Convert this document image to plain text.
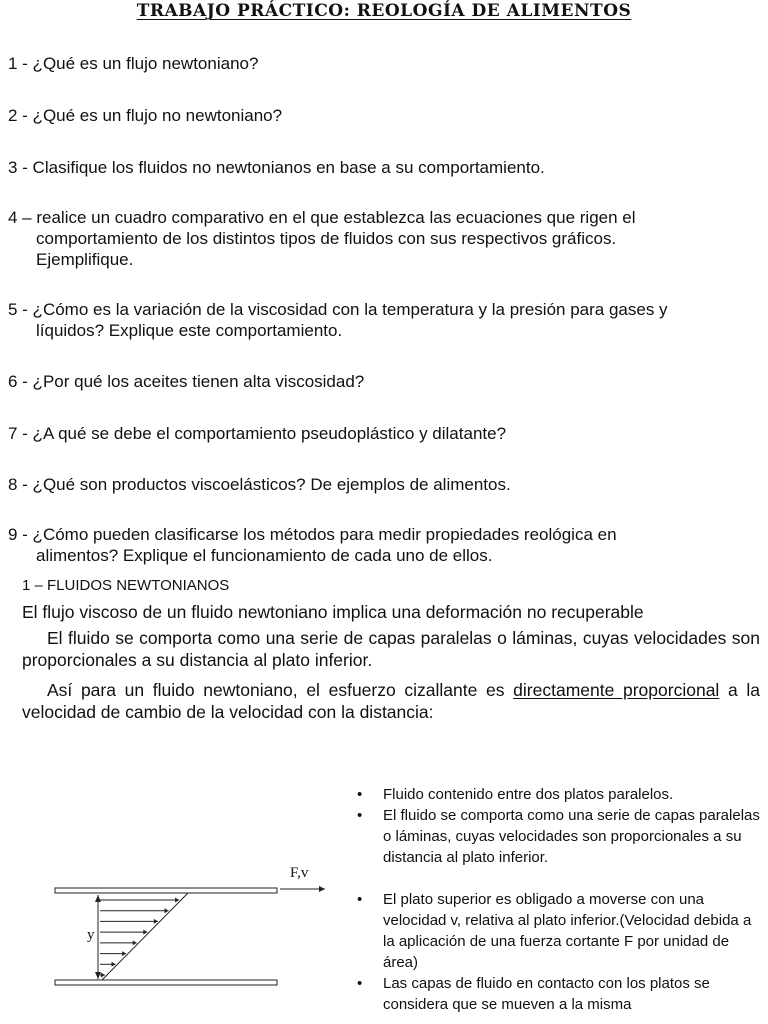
TRABAJO PRÁCTICO: REOLOGÍA DE ALIMENTOS
1 - ¿Qué es un flujo newtoniano?
2 - ¿Qué es un flujo no newtoniano?
3 - Clasifique los fluidos no newtonianos en base a su comportamiento.
4 – realice un cuadro comparativo en el que establezca las ecuaciones que rigen el
comportamiento de los distintos tipos de fluidos con sus respectivos gráficos.
Ejemplifique.
5 - ¿Cómo es la variación de la viscosidad con la temperatura y la presión para gases y
líquidos? Explique este comportamiento.
6 - ¿Por qué los aceites tienen alta viscosidad?
7 - ¿A qué se debe el comportamiento pseudoplástico y dilatante?
8 - ¿Qué son productos viscoelásticos? De ejemplos de alimentos.
9 - ¿Cómo pueden clasificarse los métodos para medir propiedades reológica en
alimentos? Explique el funcionamiento de cada uno de ellos.
1 – FLUIDOS NEWTONIANOS
El flujo viscoso de un fluido newtoniano implica una deformación no recuperable
El fluido se comporta como una serie de capas paralelas o láminas, cuyas velocidades son proporcionales a su distancia al plato inferior.
Así para un fluido newtoniano, el esfuerzo cizallante es directamente proporcional a la velocidad de cambio de la velocidad con la distancia:
F,v
y
• Fluido contenido entre dos platos paralelos.
• El fluido se comporta como una serie de capas paralelas o láminas, cuyas velocidades son proporcionales a su distancia al plato inferior.
• El plato superior es obligado a moverse con una velocidad v, relativa al plato inferior.(Velocidad debida a la aplicación de una fuerza cortante F por unidad de área)
• Las capas de fluido en contacto con los platos se considera que se mueven a la misma
